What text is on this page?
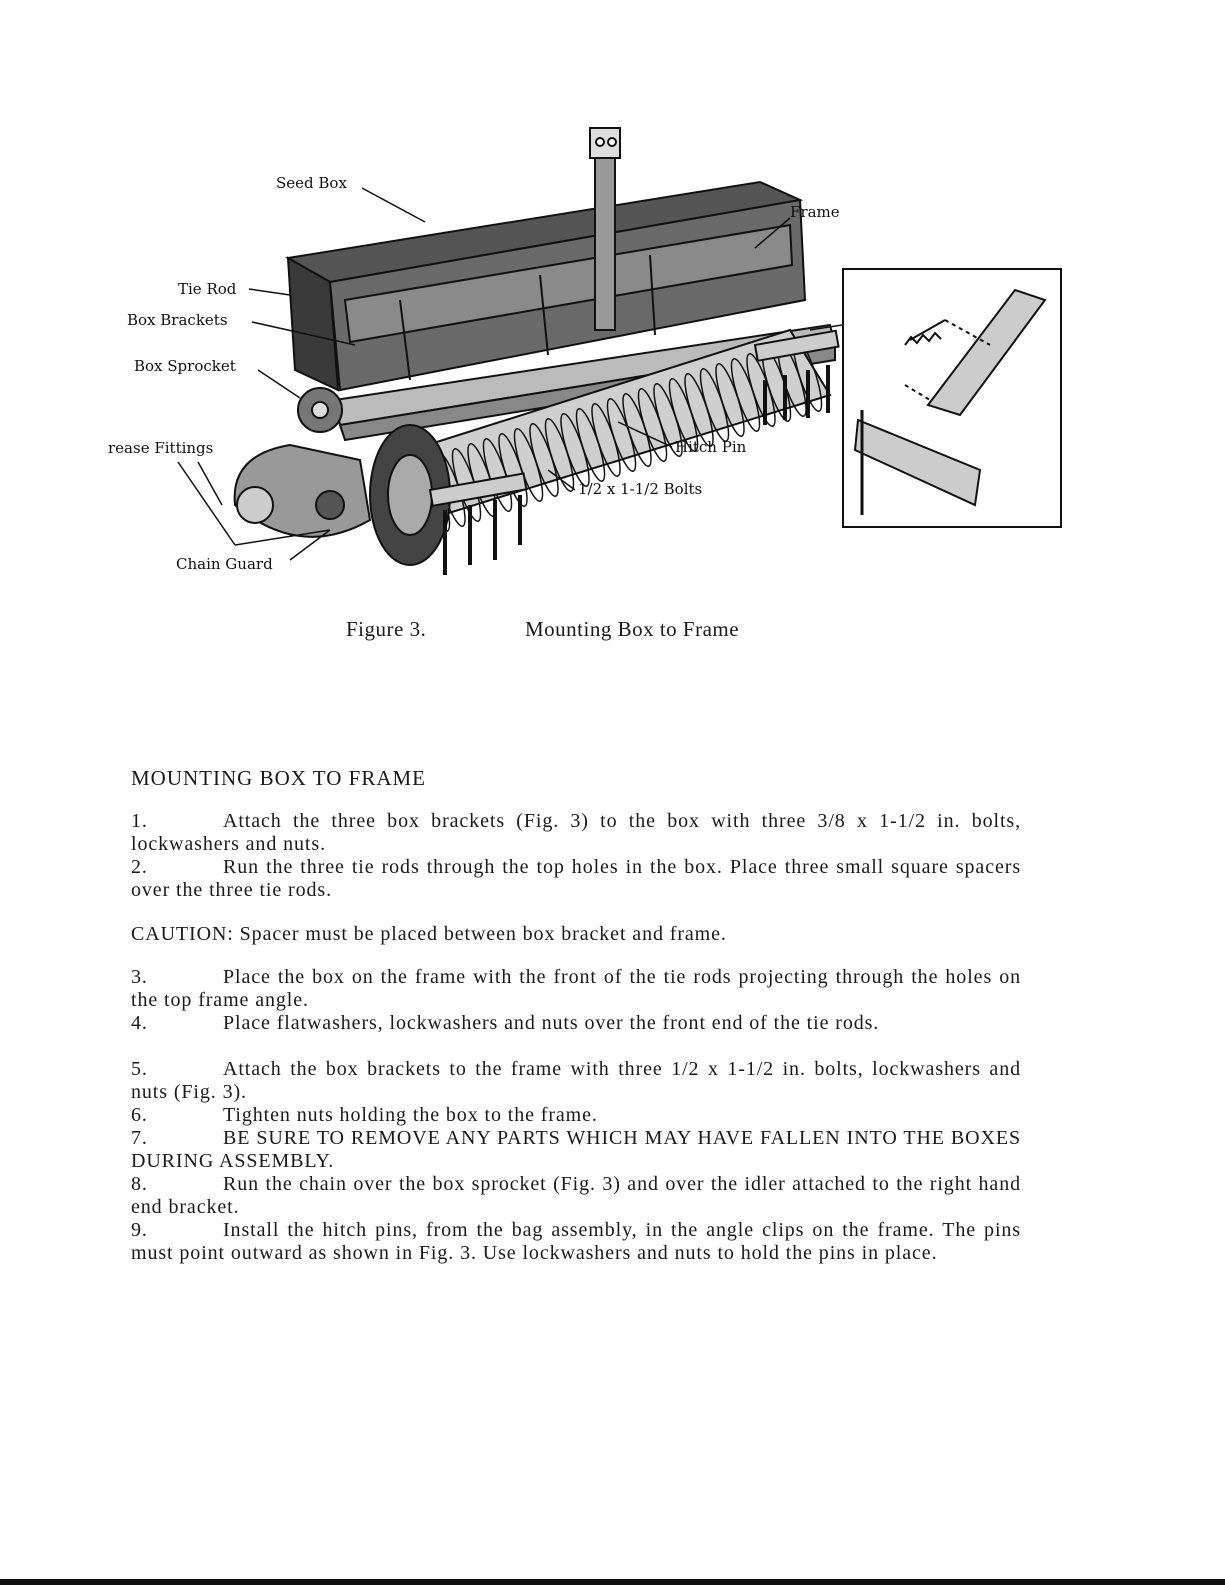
Seed Box
Frame
Tie Rod
Box Brackets
Box Sprocket
rease Fittings	Hitch Pin
1/2 x 1-1/2 Bolts
Chain Guard
Figure 3.	Mounting Box to Frame
MOUNTING BOX TO FRAME
1.	Attach the three box brackets (Fig. 3) to the box with three 3/8 x 1-1/2 in. bolts, lockwashers and nuts.
2.	Run the three tie rods through the top holes in the box. Place three small square spacers over the three tie rods.
CAUTION: Spacer must be placed between box bracket and frame.
3.	Place the box on the frame with the front of the tie rods projecting through the holes on the top frame angle.
4.	Place flatwashers, lockwashers and nuts over the front end of the tie rods.
5.	Attach the box brackets to the frame with three 1/2 x 1-1/2 in. bolts, lockwashers and nuts (Fig. 3).
6.	Tighten nuts holding the box to the frame.
7.	BE SURE TO REMOVE ANY PARTS WHICH MAY HAVE FALLEN INTO THE BOXES DURING ASSEMBLY.
8.	Run the chain over the box sprocket (Fig. 3) and over the idler attached to the right hand end bracket.
9.	Install the hitch pins, from the bag assembly, in the angle clips on the frame. The pins must point outward as shown in Fig. 3. Use lockwashers and nuts to hold the pins in place.
